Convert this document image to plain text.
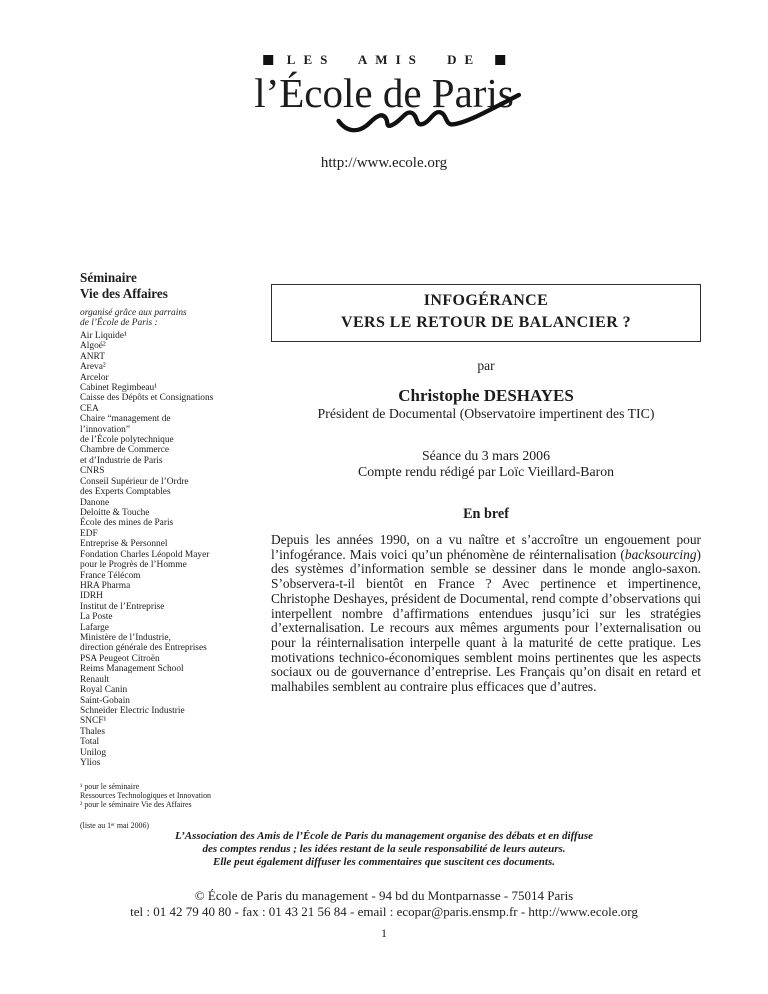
LES AMIS DE
l’École de Paris
http://www.ecole.org
Séminaire
Vie des Affaires
organisé grâce aux parrains
de l’École de Paris :
Air Liquide¹
Algoé²
ANRT
Areva²
Arcelor
Cabinet Regimbeau¹
Caisse des Dépôts et Consignations
CEA
Chaire “management de
l’innovation”
de l’École polytechnique
Chambre de Commerce
et d’Industrie de Paris
CNRS
Conseil Supérieur de l’Ordre
des Experts Comptables
Danone
Deloitte & Touche
École des mines de Paris
EDF
Entreprise & Personnel
Fondation Charles Léopold Mayer
pour le Progrès de l’Homme
France Télécom
HRA Pharma
IDRH
Institut de l’Entreprise
La Poste
Lafarge
Ministère de l’Industrie,
direction générale des Entreprises
PSA Peugeot Citroën
Reims Management School
Renault
Royal Canin
Saint-Gobain
Schneider Electric Industrie
SNCF¹
Thales
Total
Unilog
Ylios
¹ pour le séminaire
Ressources Technologiques et Innovation
² pour le séminaire Vie des Affaires
(liste au 1ᵉʳ mai 2006)
INFOGÉRANCE
VERS LE RETOUR DE BALANCIER ?
par
Christophe DESHAYES
Président de Documental (Observatoire impertinent des TIC)
Séance du 3 mars 2006
Compte rendu rédigé par Loïc Vieillard-Baron
En bref

Depuis les années 1990, on a vu naître et s’accroître un engouement pour l’infogérance. Mais voici qu’un phénomène de réinternalisation (backsourcing) des systèmes d’information semble se dessiner dans le monde anglo-saxon. S’observera-t-il bientôt en France ? Avec pertinence et impertinence, Christophe Deshayes, président de Documental, rend compte d’observations qui interpellent nombre d’affirmations entendues jusqu’ici sur les stratégies d’externalisation. Le recours aux mêmes arguments pour l’externalisation ou pour la réinternalisation interpelle quant à la maturité de cette pratique. Les motivations technico-économiques semblent moins pertinentes que les aspects sociaux ou de gouvernance d’entreprise. Les Français qu’on disait en retard et malhabiles semblent au contraire plus efficaces que d’autres.

L’Association des Amis de l’École de Paris du management organise des débats et en diffuse
des comptes rendus ; les idées restant de la seule responsabilité de leurs auteurs.
Elle peut également diffuser les commentaires que suscitent ces documents.
© École de Paris du management - 94 bd du Montparnasse - 75014 Paris
tel : 01 42 79 40 80 - fax : 01 43 21 56 84 - email : ecopar@paris.ensmp.fr - http://www.ecole.org
1
